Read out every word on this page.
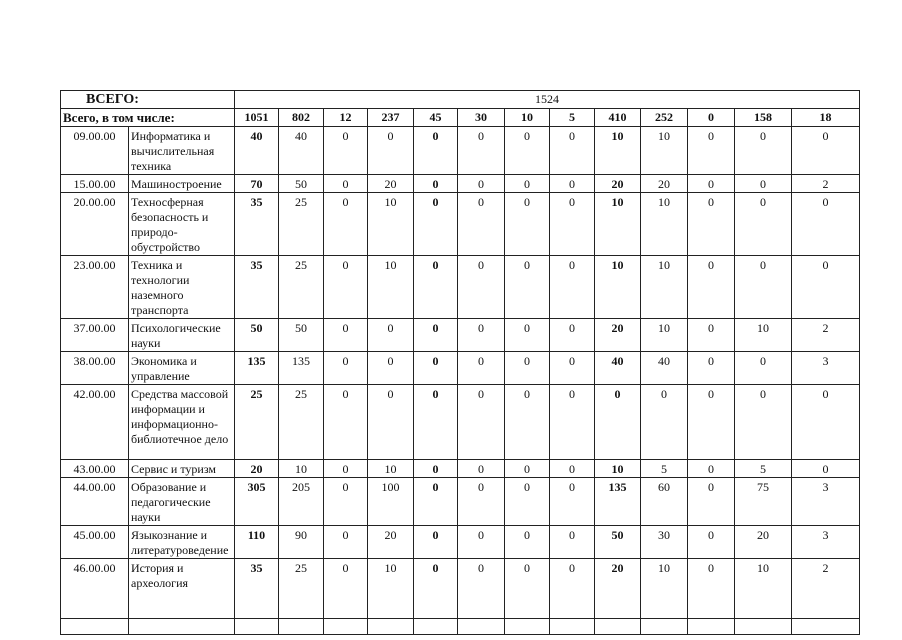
ВСЕГО:		1524												
Всего, в том числе:		1051	802	12	237	45	30	10	5	410	252	0	158	18
09.00.00	Информатика и вычислительная техника	40	40	0	0	0	0	0	0	10	10	0	0	0
15.00.00	Машиностроение	70	50	0	20	0	0	0	0	20	20	0	0	2
20.00.00	Техносферная безопасность и природо-обустройство	35	25	0	10	0	0	0	0	10	10	0	0	0
23.00.00	Техника и технологии наземного транспорта	35	25	0	10	0	0	0	0	10	10	0	0	0
37.00.00	Психологические науки	50	50	0	0	0	0	0	0	20	10	0	10	2
38.00.00	Экономика и управление	135	135	0	0	0	0	0	0	40	40	0	0	3
42.00.00	Средства массовой информации и информационно-библиотечное дело	25	25	0	0	0	0	0	0	0	0	0	0	0
43.00.00	Сервис и туризм	20	10	0	10	0	0	0	0	10	5	0	5	0
44.00.00	Образование и педагогические науки	305	205	0	100	0	0	0	0	135	60	0	75	3
45.00.00	Языкознание и литературоведение	110	90	0	20	0	0	0	0	50	30	0	20	3
46.00.00	История и археология	35	25	0	10	0	0	0	0	20	10	0	10	2
